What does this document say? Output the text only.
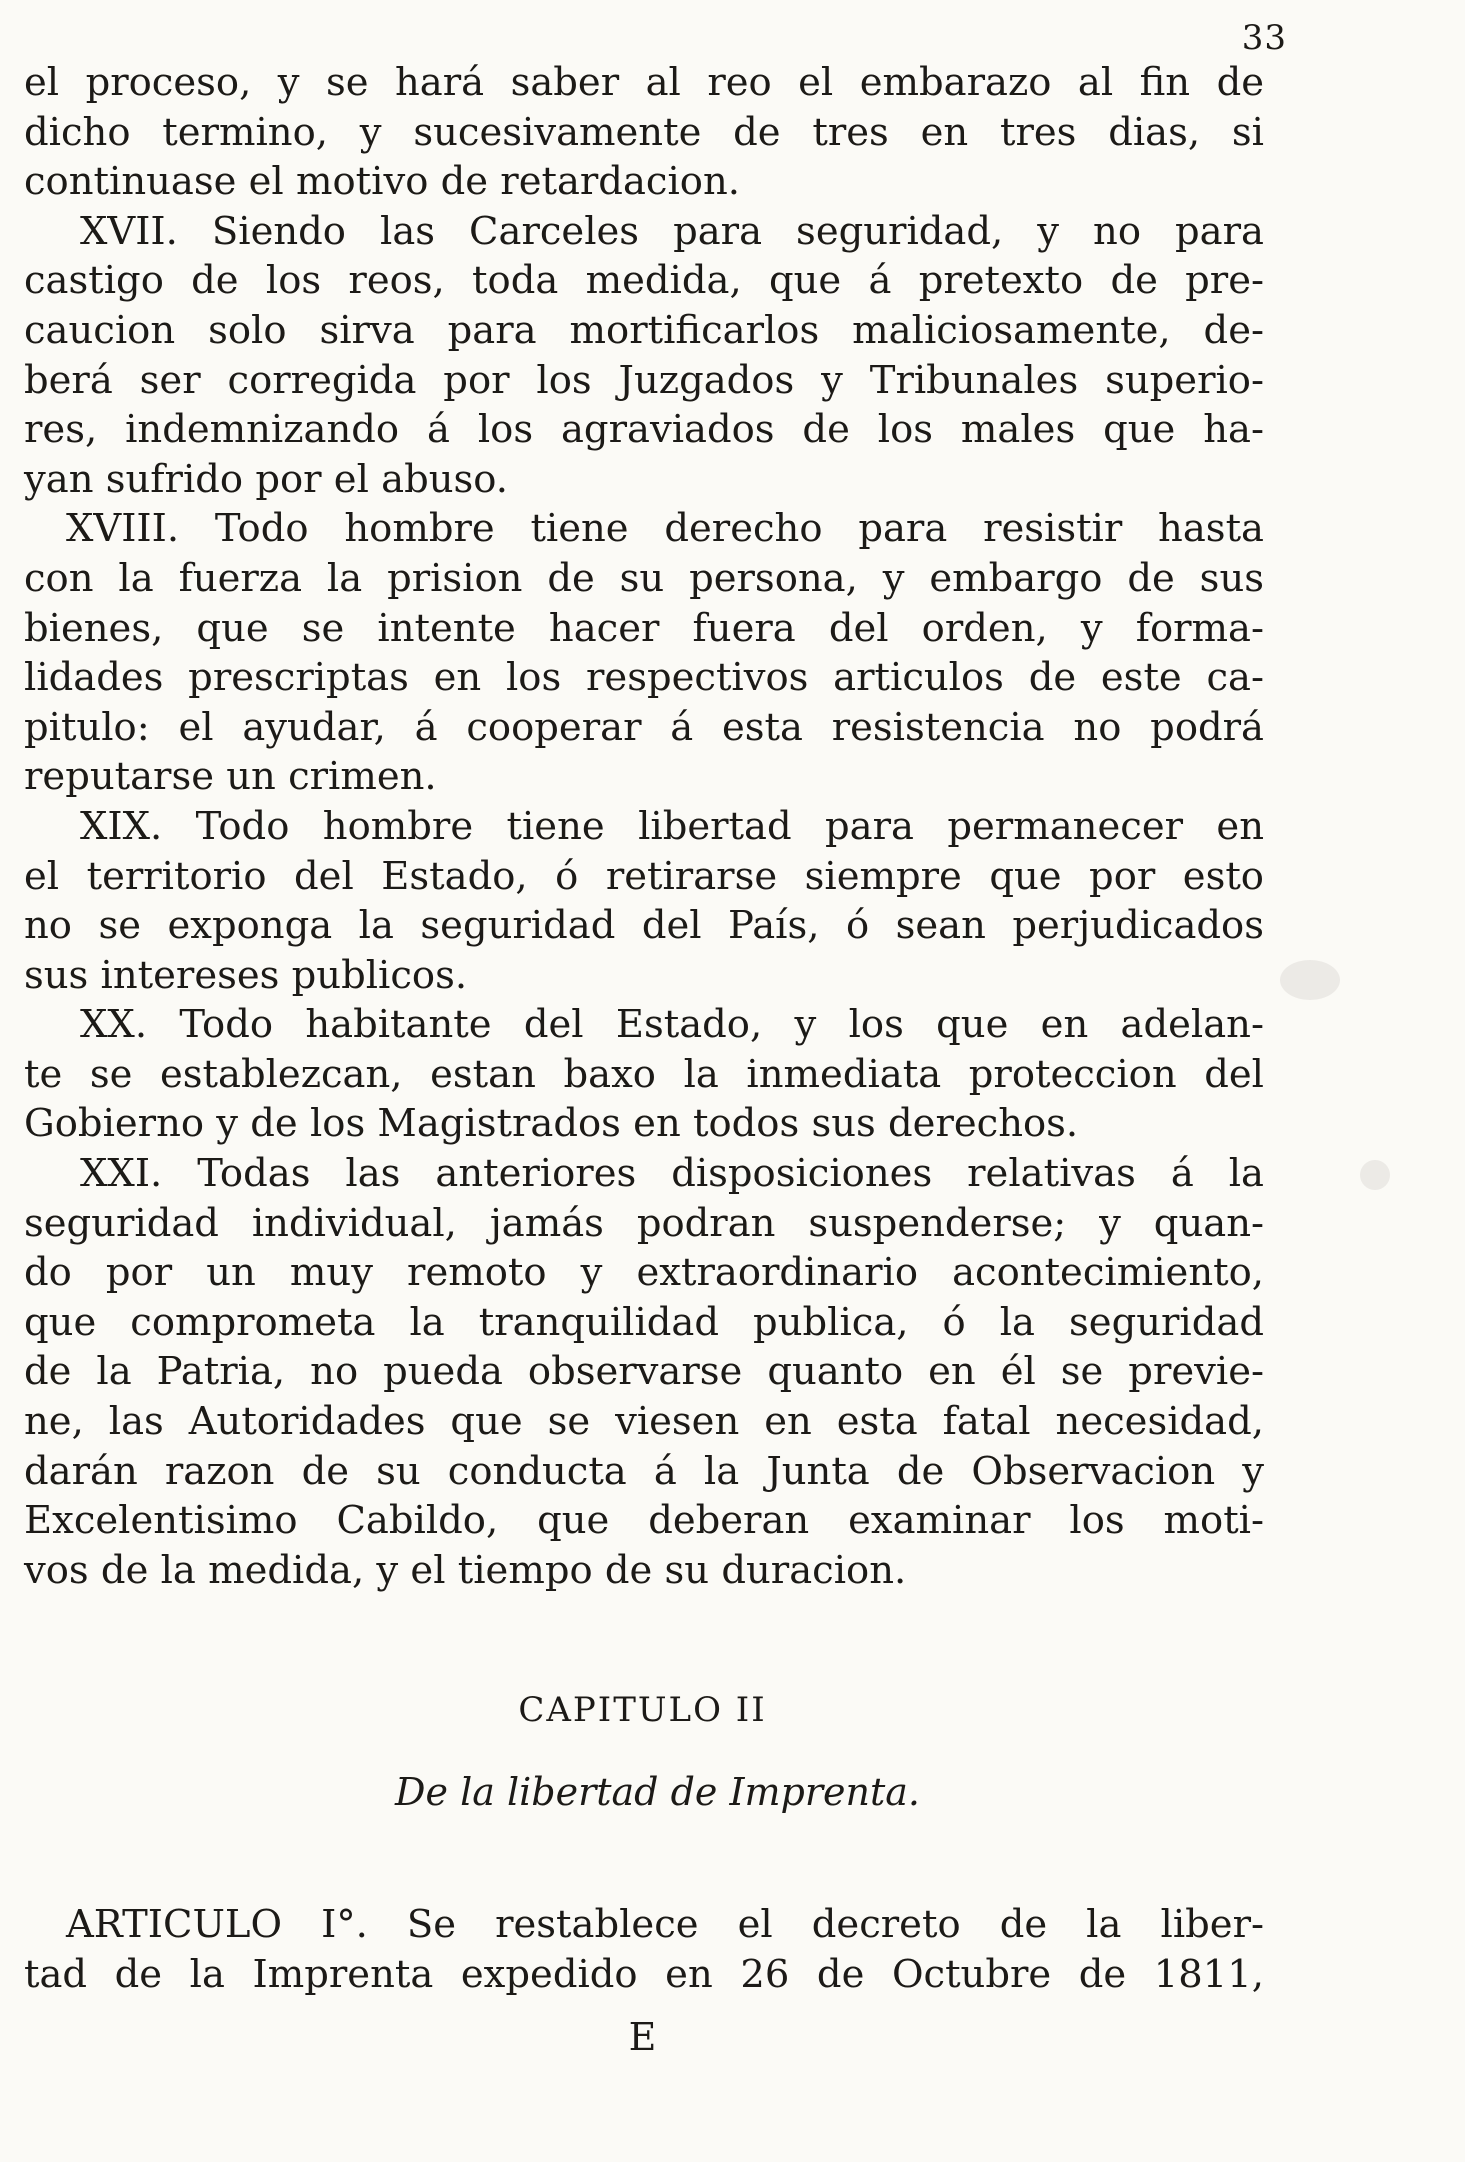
33
el proceso, y se hará saber al reo el embarazo al fin de
dicho termino, y sucesivamente de tres en tres dias, si
continuase el motivo de retardacion.
XVII. Siendo las Carceles para seguridad, y no para
castigo de los reos, toda medida, que á pretexto de pre-
caucion solo sirva para mortificarlos maliciosamente, de-
berá ser corregida por los Juzgados y Tribunales superio-
res, indemnizando á los agraviados de los males que ha-
yan sufrido por el abuso.
XVIII. Todo hombre tiene derecho para resistir hasta
con la fuerza la prision de su persona, y embargo de sus
bienes, que se intente hacer fuera del orden, y forma-
lidades prescriptas en los respectivos articulos de este ca-
pitulo: el ayudar, á cooperar á esta resistencia no podrá
reputarse un crimen.
XIX. Todo hombre tiene libertad para permanecer en
el territorio del Estado, ó retirarse siempre que por esto
no se exponga la seguridad del País, ó sean perjudicados
sus intereses publicos.
XX. Todo habitante del Estado, y los que en adelan-
te se establezcan, estan baxo la inmediata proteccion del
Gobierno y de los Magistrados en todos sus derechos.
XXI. Todas las anteriores disposiciones relativas á la
seguridad individual, jamás podran suspenderse; y quan-
do por un muy remoto y extraordinario acontecimiento,
que comprometa la tranquilidad publica, ó la seguridad
de la Patria, no pueda observarse quanto en él se previe-
ne, las Autoridades que se viesen en esta fatal necesidad,
darán razon de su conducta á la Junta de Observacion y
Excelentisimo Cabildo, que deberan examinar los moti-
vos de la medida, y el tiempo de su duracion.
CAPITULO II
De la libertad de Imprenta.
ARTICULO I°. Se restablece el decreto de la liber-
tad de la Imprenta expedido en 26 de Octubre de 1811,
E
